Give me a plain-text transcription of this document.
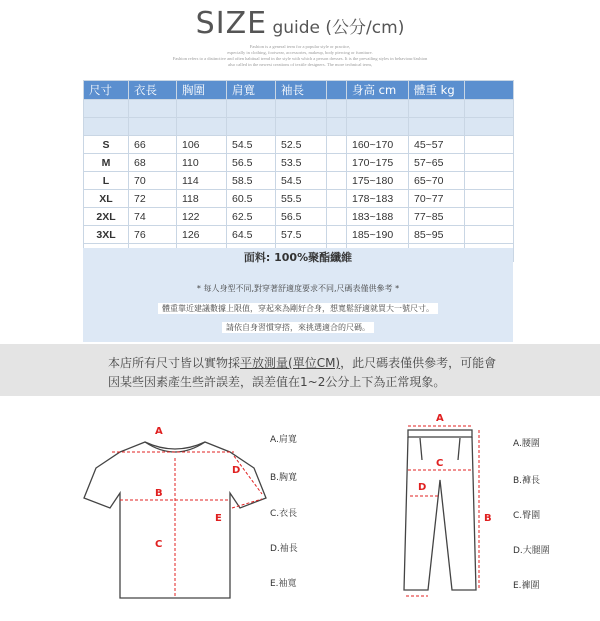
SIZE guide (公分/cm)
Fashion is a general term for a popular style or practice,
especially in clothing, footwear, accessories, makeup, body piercing or furniture.
Fashion refers to a distinctive and often habitual trend in the style with which a person dresses. It is the prevailing styles in behaviour/fashion
also called in the newest creations of textile designers. The more technical term,
尺寸	衣長	胸圍	肩寬	袖長		身高 cm	體重 kg	

S	66	106	54.5	52.5		160~170	45~57	
M	68	110	56.5	53.5		170~175	57~65	
L	70	114	58.5	54.5		175~180	65~70	
XL	72	118	60.5	55.5		178~183	70~77	
2XL	74	122	62.5	56.5		183~188	77~85	
3XL	76	126	64.5	57.5		185~190	85~95	

面料: 100%聚酯纖維
* 每人身型不同,對穿著舒適度要求不同,尺碼表僅供參考 *
體重靠近建議數據上限值，穿起來為剛好合身，想寬鬆舒適就買大一號尺寸。
請依自身習慣穿搭，來挑選適合的尺碼。
本店所有尺寸皆以實物採平放測量(單位CM)，此尺碼表僅供參考，可能會
因某些因素產生些許誤差，誤差值在1~2公分上下為正常現象。
A
B
C
D
E
A.肩寬
B.胸寬
C.衣長
D.袖長
E.袖寬
A
B
C
D
A.腰圍
B.褲長
C.臀圍
D.大腿圍
E.褲圍
